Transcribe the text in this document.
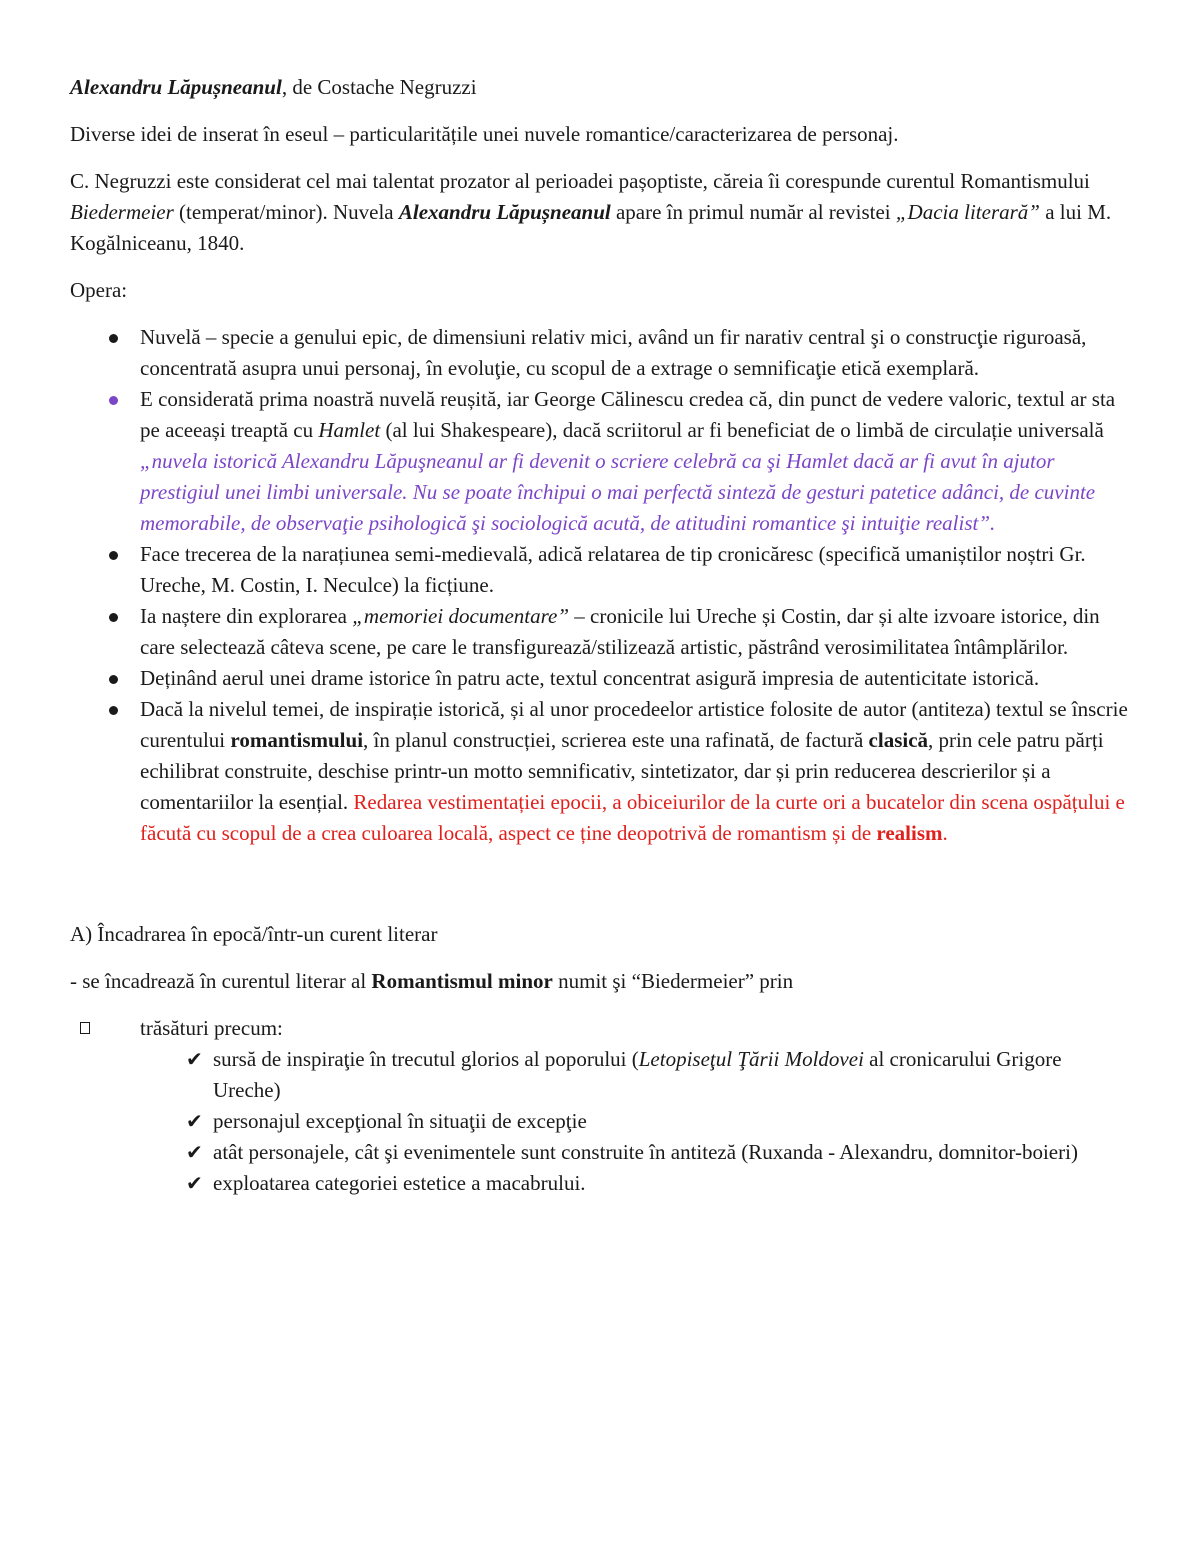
Alexandru Lăpușneanul, de Costache Negruzzi

Diverse idei de inserat în eseul – particularitățile unei nuvele romantice/caracterizarea de personaj.

C. Negruzzi este considerat cel mai talentat prozator al perioadei pașoptiste, căreia îi corespunde curentul Romantismului Biedermeier (temperat/minor). Nuvela Alexandru Lăpușneanul apare în primul număr al revistei „Dacia literară” a lui M. Kogălniceanu, 1840.

Opera:

Nuvelă – specie a genului epic, de dimensiuni relativ mici, având un fir narativ central şi o construcţie riguroasă, concentrată asupra unui personaj, în evoluţie, cu scopul de a extrage o semnificaţie etică exemplară.
E considerată prima noastră nuvelă reușită, iar George Călinescu credea că, din punct de vedere valoric, textul ar sta pe aceeași treaptă cu Hamlet (al lui Shakespeare), dacă scriitorul ar fi beneficiat de o limbă de circulație universală „nuvela istorică Alexandru Lăpuşneanul ar fi devenit o scriere celebră ca şi Hamlet dacă ar fi avut în ajutor prestigiul unei limbi universale. Nu se poate închipui o mai perfectă sinteză de gesturi patetice adânci, de cuvinte memorabile, de observaţie psihologică şi sociologică acută, de atitudini romantice şi intuiţie realist”.
Face trecerea de la narațiunea semi-medievală, adică relatarea de tip cronicăresc (specifică umaniștilor noștri Gr. Ureche, M. Costin, I. Neculce) la ficțiune.
Ia naștere din explorarea „memoriei documentare” – cronicile lui Ureche și Costin, dar și alte izvoare istorice, din care selectează câteva scene, pe care le transfigurează/stilizează artistic, păstrând verosimilitatea întâmplărilor.
Deținând aerul unei drame istorice în patru acte, textul concentrat asigură impresia de autenticitate istorică.
Dacă la nivelul temei, de inspirație istorică, și al unor procedeelor artistice folosite de autor (antiteza) textul se înscrie curentului romantismului, în planul construcției, scrierea este una rafinată, de factură clasică, prin cele patru părți echilibrat construite, deschise printr-un motto semnificativ, sintetizator, dar și prin reducerea descrierilor și a comentariilor la esențial. Redarea vestimentației epocii, a obiceiurilor de la curte ori a bucatelor din scena ospățului e făcută cu scopul de a crea culoarea locală, aspect ce ține deopotrivă de romantism și de realism.

A) Încadrarea în epocă/într-un curent literar

- se încadrează în curentul literar al Romantismul minor numit şi “Biedermeier” prin

trăsături precum:
✔ sursă de inspiraţie în trecutul glorios al poporului (Letopiseţul Ţării Moldovei al cronicarului Grigore Ureche)
✔ personajul excepţional în situaţii de excepţie
✔ atât personajele, cât şi evenimentele sunt construite în antiteză (Ruxanda - Alexandru, domnitor-boieri)
✔ exploatarea categoriei estetice a macabrului.
